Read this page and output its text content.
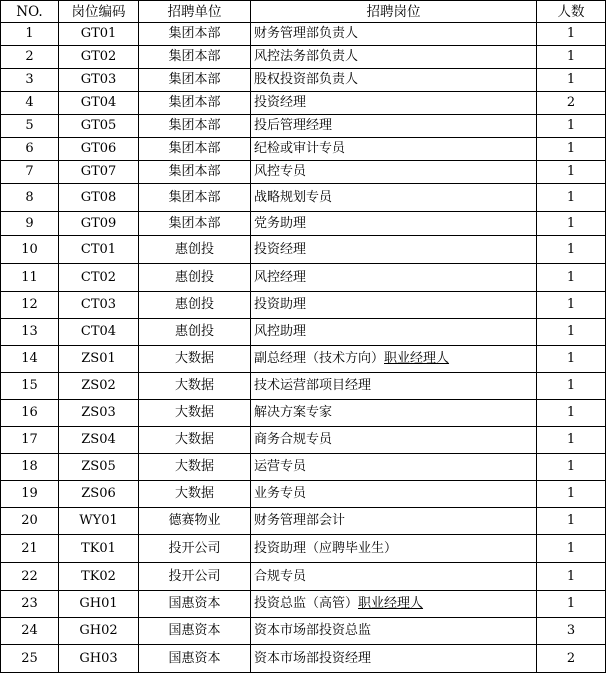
NO.	岗位编码	招聘单位	招聘岗位	人数
1	GT01	集团本部	财务管理部负责人	1
2	GT02	集团本部	风控法务部负责人	1
3	GT03	集团本部	股权投资部负责人	1
4	GT04	集团本部	投资经理	2
5	GT05	集团本部	投后管理经理	1
6	GT06	集团本部	纪检或审计专员	1
7	GT07	集团本部	风控专员	1
8	GT08	集团本部	战略规划专员	1
9	GT09	集团本部	党务助理	1
10	CT01	惠创投	投资经理	1
11	CT02	惠创投	风控经理	1
12	CT03	惠创投	投资助理	1
13	CT04	惠创投	风控助理	1
14	ZS01	大数据	副总经理（技术方向）职业经理人	1
15	ZS02	大数据	技术运营部项目经理	1
16	ZS03	大数据	解决方案专家	1
17	ZS04	大数据	商务合规专员	1
18	ZS05	大数据	运营专员	1
19	ZS06	大数据	业务专员	1
20	WY01	德赛物业	财务管理部会计	1
21	TK01	投开公司	投资助理（应聘毕业生）	1
22	TK02	投开公司	合规专员	1
23	GH01	国惠资本	投资总监（高管）职业经理人	1
24	GH02	国惠资本	资本市场部投资总监	3
25	GH03	国惠资本	资本市场部投资经理	2
